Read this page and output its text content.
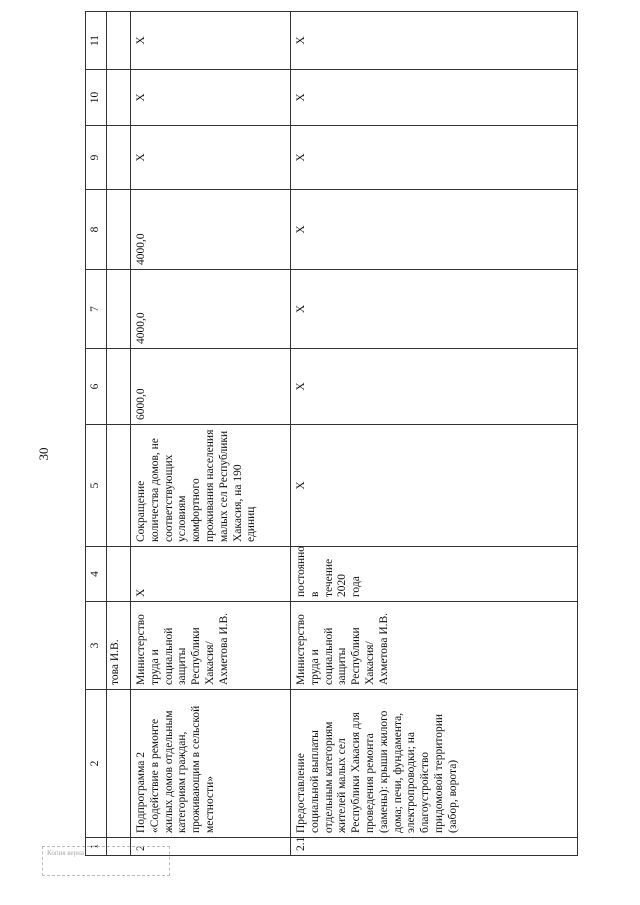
30
1	2	3	4	5	6	7	8	9	10	11
		това И.В.								
2	Подпрограмма 2 «Содействие в ремонте жилых домов отдельным категориям граждан, проживающим в сельской местности»	Министерство труда и социальной защиты Республики Хакасия/Ахметова И.В.	Х	Сокращение количества домов, не соответствующих условиям комфортного проживания населения малых сел Республики Хакасия, на 190 единиц	6000,0	4000,0	4000,0	Х	Х	Х
2.1	Предоставление социальной выплаты отдельным категориям жителей малых сел Республики Хакасия для проведения ремонта (замены): крыши жилого дома; печи, фундамента, электропроводки; на благоустройство придомовой территории (забор, ворота)	Министерство труда и социальной защиты Республики Хакасия/Ахметова И.В.	постоянно в течение 2020 года	Х	Х	Х	Х	Х	Х	Х
Копия верна
